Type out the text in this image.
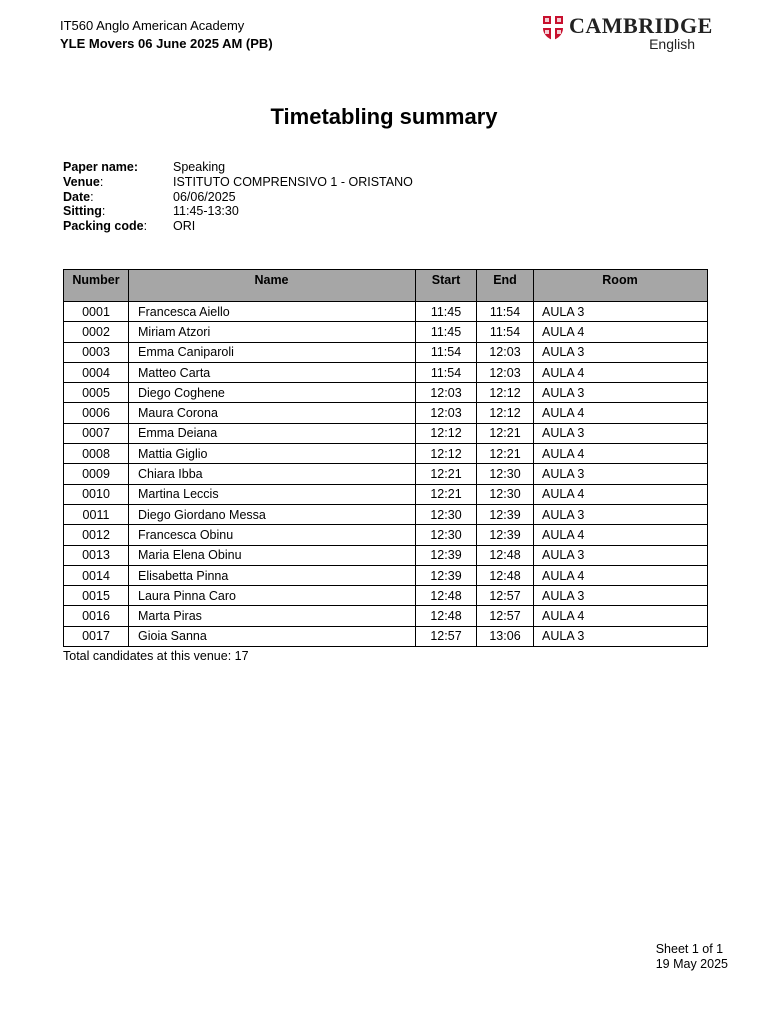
IT560 Anglo American Academy
YLE Movers 06 June 2025 AM (PB)
CAMBRIDGE
English
Timetabling summary
Paper name:	Speaking
Venue:	ISTITUTO COMPRENSIVO 1 - ORISTANO
Date:	06/06/2025
Sitting:	11:45-13:30
Packing code:	ORI
Number	Name	Start	End	Room
0001	Francesca Aiello	11:45	11:54	AULA 3
0002	Miriam Atzori	11:45	11:54	AULA 4
0003	Emma Caniparoli	11:54	12:03	AULA 3
0004	Matteo Carta	11:54	12:03	AULA 4
0005	Diego Coghene	12:03	12:12	AULA 3
0006	Maura Corona	12:03	12:12	AULA 4
0007	Emma Deiana	12:12	12:21	AULA 3
0008	Mattia Giglio	12:12	12:21	AULA 4
0009	Chiara Ibba	12:21	12:30	AULA 3
0010	Martina Leccis	12:21	12:30	AULA 4
0011	Diego Giordano Messa	12:30	12:39	AULA 3
0012	Francesca Obinu	12:30	12:39	AULA 4
0013	Maria Elena Obinu	12:39	12:48	AULA 3
0014	Elisabetta Pinna	12:39	12:48	AULA 4
0015	Laura Pinna Caro	12:48	12:57	AULA 3
0016	Marta Piras	12:48	12:57	AULA 4
0017	Gioia Sanna	12:57	13:06	AULA 3
Total candidates at this venue: 17
Sheet 1 of 1
19 May 2025
